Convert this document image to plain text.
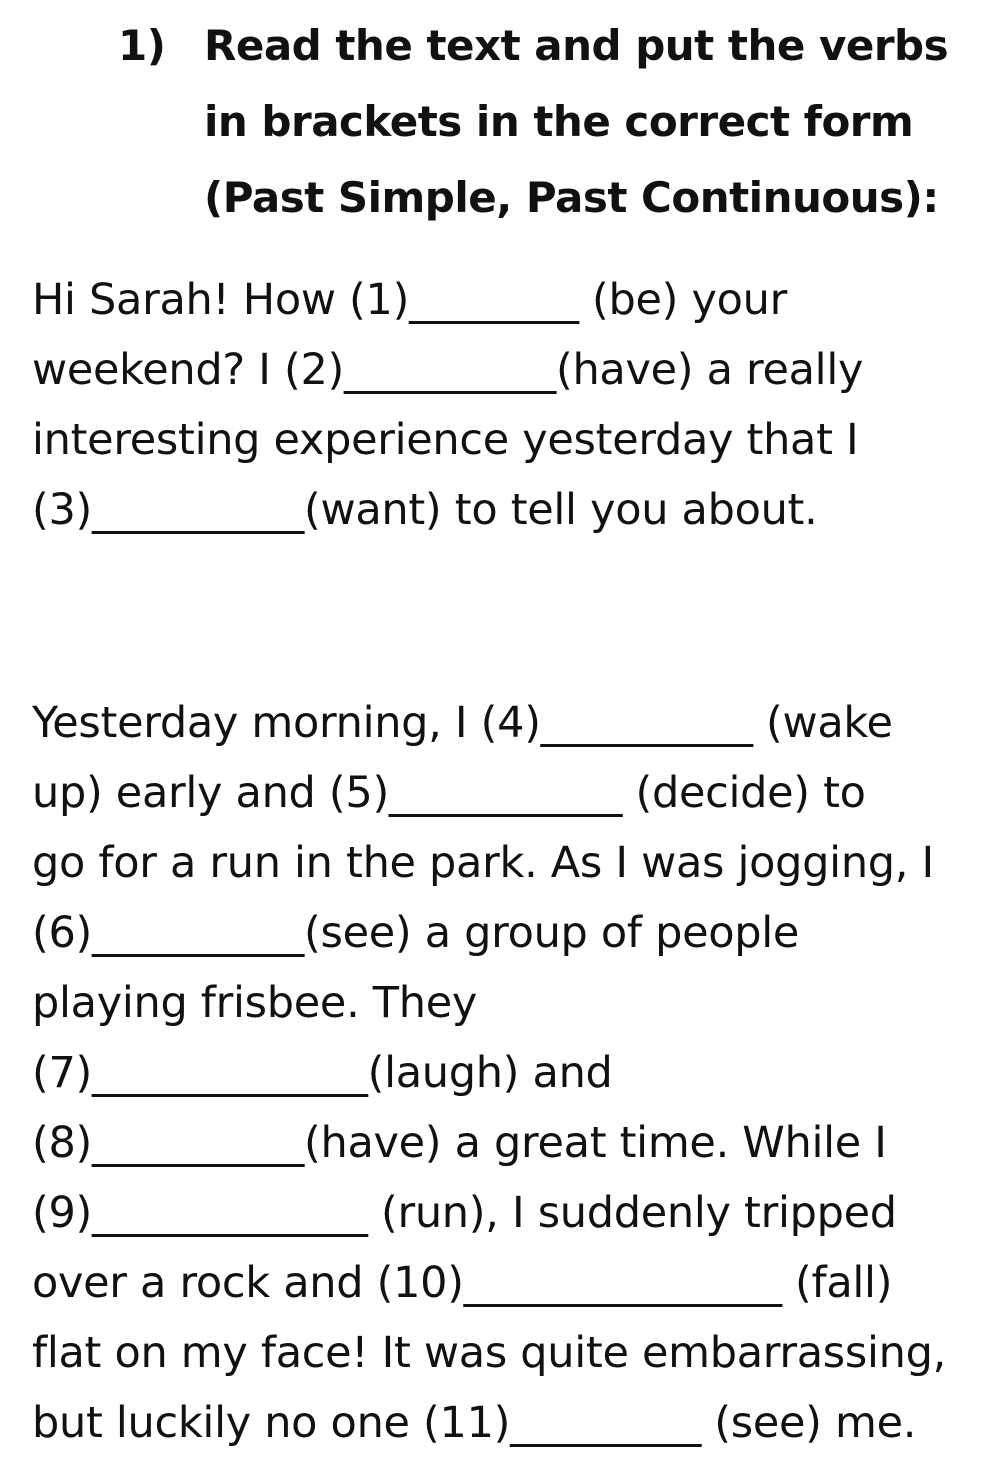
1) Read the text and put the verbs
in brackets in the correct form
(Past Simple, Past Continuous):
Hi Sarah! How (1)________ (be) your
weekend? I (2)__________(have) a really
interesting experience yesterday that I
(3)__________(want) to tell you about.
Yesterday morning, I (4)__________ (wake
up) early and (5)___________ (decide) to
go for a run in the park. As I was jogging, I
(6)__________(see) a group of people
playing frisbee. They
(7)_____________(laugh) and
(8)__________(have) a great time. While I
(9)_____________ (run), I suddenly tripped
over a rock and (10)_______________ (fall)
flat on my face! It was quite embarrassing,
but luckily no one (11)_________ (see) me.
